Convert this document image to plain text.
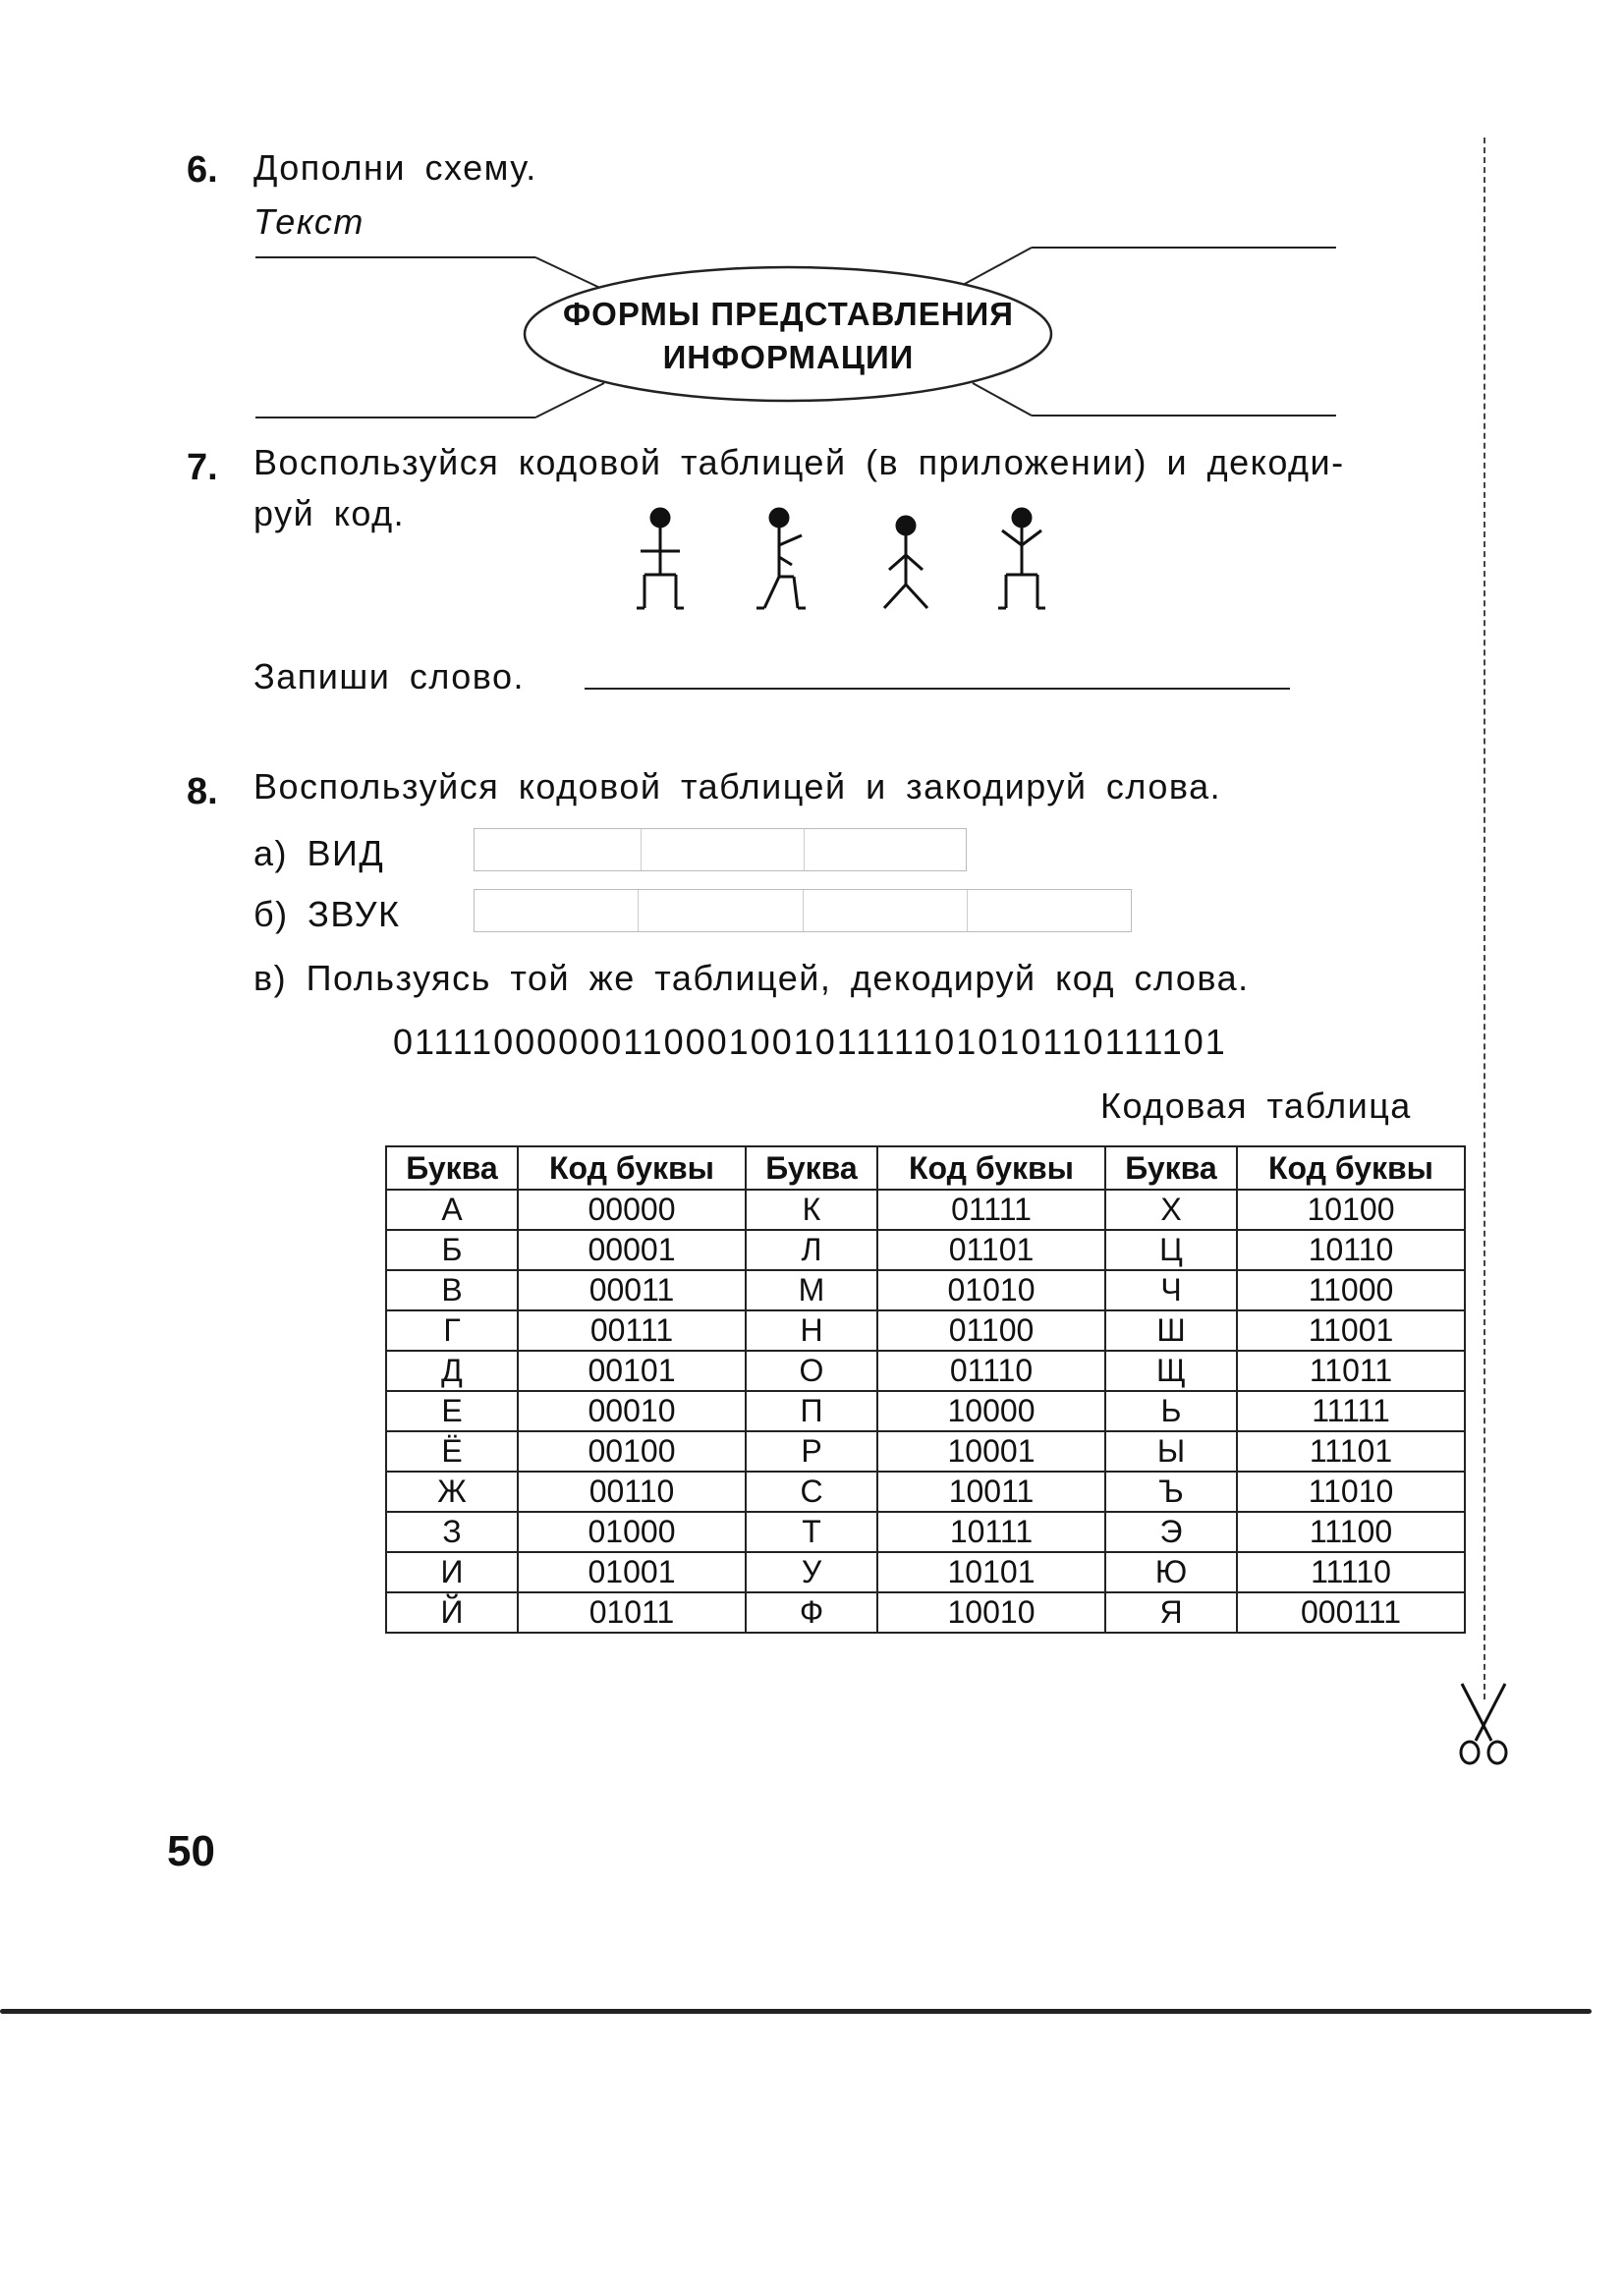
6. Дополни схему.
Текст
ФОРМЫ ПРЕДСТАВЛЕНИЯ
ИНФОРМАЦИИ
7. Воспользуйся кодовой таблицей (в приложении) и декоди-
руй код.
Запиши слово.
8. Воспользуйся кодовой таблицей и закодируй слова.
а) ВИД
б) ЗВУК
в) Пользуясь той же таблицей, декодируй код слова.
0111100000011000100101111101010110111101
Кодовая таблица
Буква	Код буквы	Буква	Код буквы	Буква	Код буквы
А	00000	К	01111	Х	10100
Б	00001	Л	01101	Ц	10110
В	00011	М	01010	Ч	11000
Г	00111	Н	01100	Ш	11001
Д	00101	О	01110	Щ	11011
Е	00010	П	10000	Ь	11111
Ё	00100	Р	10001	Ы	11101
Ж	00110	С	10011	Ъ	11010
З	01000	Т	10111	Э	11100
И	01001	У	10101	Ю	11110
Й	01011	Ф	10010	Я	000111
50
